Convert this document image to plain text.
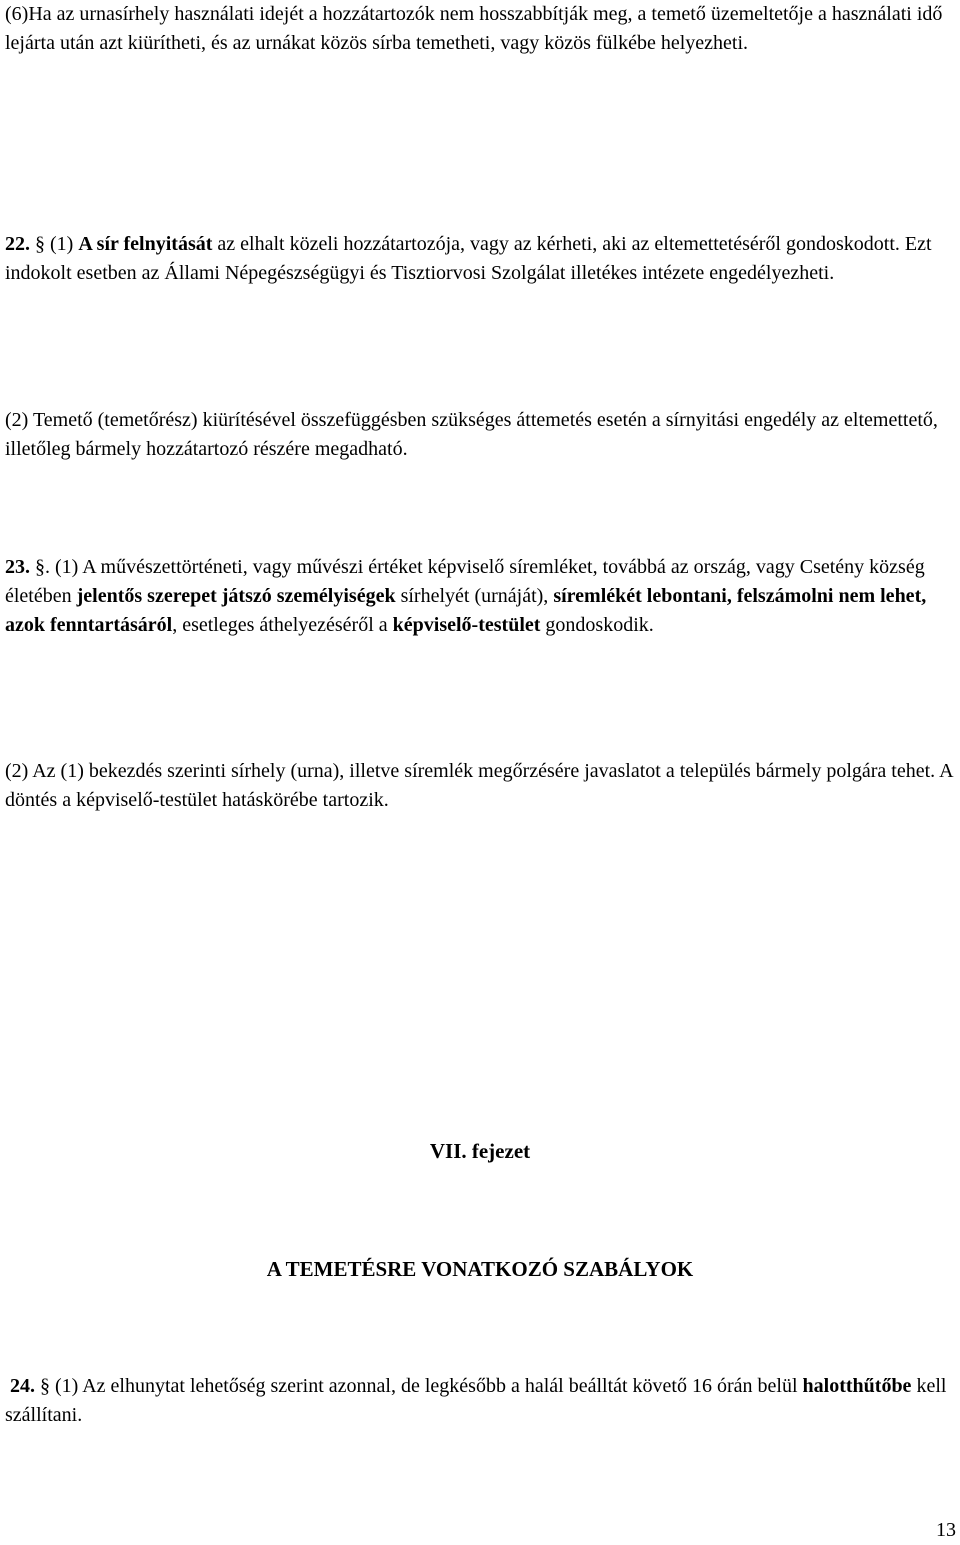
(6)Ha az urnasírhely használati idejét a hozzátartozók nem hosszabbítják meg, a temető üzemeltetője a használati idő lejárta után azt kiürítheti, és az urnákat közös sírba temetheti, vagy közös fülkébe helyezheti.

22. § (1) A sír felnyitását az elhalt közeli hozzátartozója, vagy az kérheti, aki az eltemettetéséről gondoskodott. Ezt indokolt esetben az Állami Népegészségügyi és Tisztiorvosi Szolgálat illetékes intézete engedélyezheti.

(2) Temető (temetőrész) kiürítésével összefüggésben szükséges áttemetés esetén a sírnyitási engedély az eltemettető, illetőleg bármely hozzátartozó részére megadható.

23. §. (1) A művészettörténeti, vagy művészi értéket képviselő síremléket, továbbá az ország, vagy Csetény község életében jelentős szerepet játszó személyiségek sírhelyét (urnáját), síremlékét lebontani, felszámolni nem lehet, azok fenntartásáról, esetleges áthelyezéséről a képviselő-testület gondoskodik.

(2) Az (1) bekezdés szerinti sírhely (urna), illetve síremlék megőrzésére javaslatot a település bármely polgára tehet. A döntés a képviselő-testület hatáskörébe tartozik.

VII. fejezet

A TEMETÉSRE VONATKOZÓ SZABÁLYOK

24. § (1) Az elhunytat lehetőség szerint azonnal, de legkésőbb a halál beálltát követő 16 órán belül halotthűtőbe kell szállítani.

13
